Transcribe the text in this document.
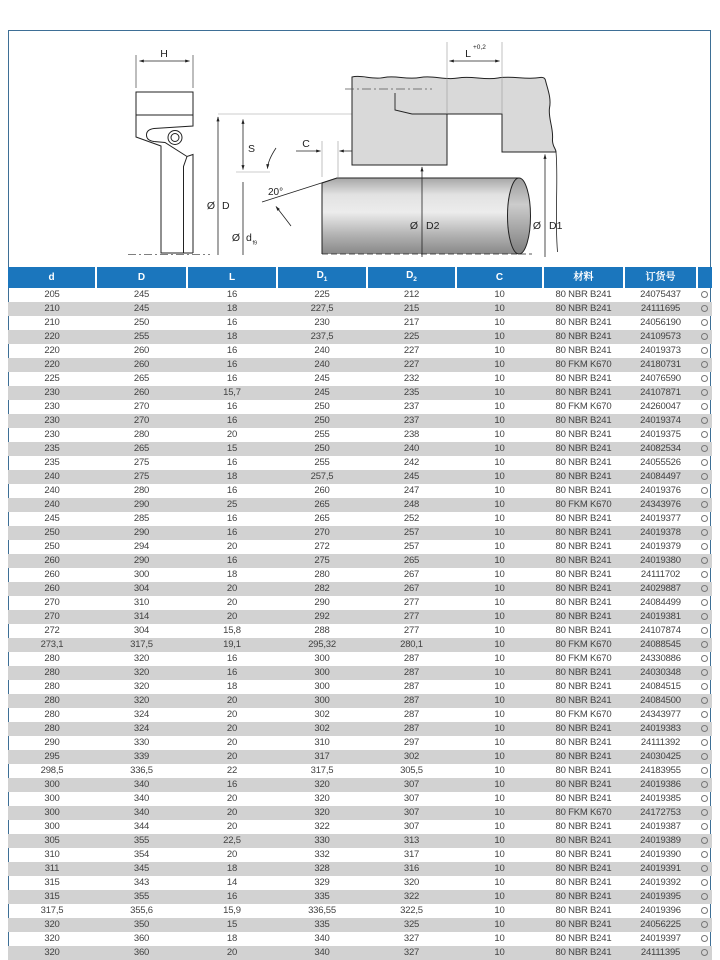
H
Ø D
S
Ø d f9
20°
C
L
+0,2
Ø D2	Ø D1
d	D	L	$D_1$	$D_2$	C	材料	订货号	
205	245	16	225	212	10	80 NBR B241	24075437	
210	245	18	227,5	215	10	80 NBR B241	24111695	
210	250	16	230	217	10	80 NBR B241	24056190	
220	255	18	237,5	225	10	80 NBR B241	24109573	
220	260	16	240	227	10	80 NBR B241	24019373	
220	260	16	240	227	10	80 FKM K670	24180731	
225	265	16	245	232	10	80 NBR B241	24076590	
230	260	15,7	245	235	10	80 NBR B241	24107871	
230	270	16	250	237	10	80 FKM K670	24260047	
230	270	16	250	237	10	80 NBR B241	24019374	
230	280	20	255	238	10	80 NBR B241	24019375	
235	265	15	250	240	10	80 NBR B241	24082534	
235	275	16	255	242	10	80 NBR B241	24055526	
240	275	18	257,5	245	10	80 NBR B241	24084497	
240	280	16	260	247	10	80 NBR B241	24019376	
240	290	25	265	248	10	80 FKM K670	24343976	
245	285	16	265	252	10	80 NBR B241	24019377	
250	290	16	270	257	10	80 NBR B241	24019378	
250	294	20	272	257	10	80 NBR B241	24019379	
260	290	16	275	265	10	80 NBR B241	24019380	
260	300	18	280	267	10	80 NBR B241	24111702	
260	304	20	282	267	10	80 NBR B241	24029887	
270	310	20	290	277	10	80 NBR B241	24084499	
270	314	20	292	277	10	80 NBR B241	24019381	
272	304	15,8	288	277	10	80 NBR B241	24107874	
273,1	317,5	19,1	295,32	280,1	10	80 FKM K670	24088545	
280	320	16	300	287	10	80 FKM K670	24330886	
280	320	16	300	287	10	80 NBR B241	24030348	
280	320	18	300	287	10	80 NBR B241	24084515	
280	320	20	300	287	10	80 NBR B241	24084500	
280	324	20	302	287	10	80 FKM K670	24343977	
280	324	20	302	287	10	80 NBR B241	24019383	
290	330	20	310	297	10	80 NBR B241	24111392	
295	339	20	317	302	10	80 NBR B241	24030425	
298,5	336,5	22	317,5	305,5	10	80 NBR B241	24183955	
300	340	16	320	307	10	80 NBR B241	24019386	
300	340	20	320	307	10	80 NBR B241	24019385	
300	340	20	320	307	10	80 FKM K670	24172753	
300	344	20	322	307	10	80 NBR B241	24019387	
305	355	22,5	330	313	10	80 NBR B241	24019389	
310	354	20	332	317	10	80 NBR B241	24019390	
311	345	18	328	316	10	80 NBR B241	24019391	
315	343	14	329	320	10	80 NBR B241	24019392	
315	355	16	335	322	10	80 NBR B241	24019395	
317,5	355,6	15,9	336,55	322,5	10	80 NBR B241	24019396	
320	350	15	335	325	10	80 NBR B241	24056225	
320	360	18	340	327	10	80 NBR B241	24019397	
320	360	20	340	327	10	80 NBR B241	24111395	
